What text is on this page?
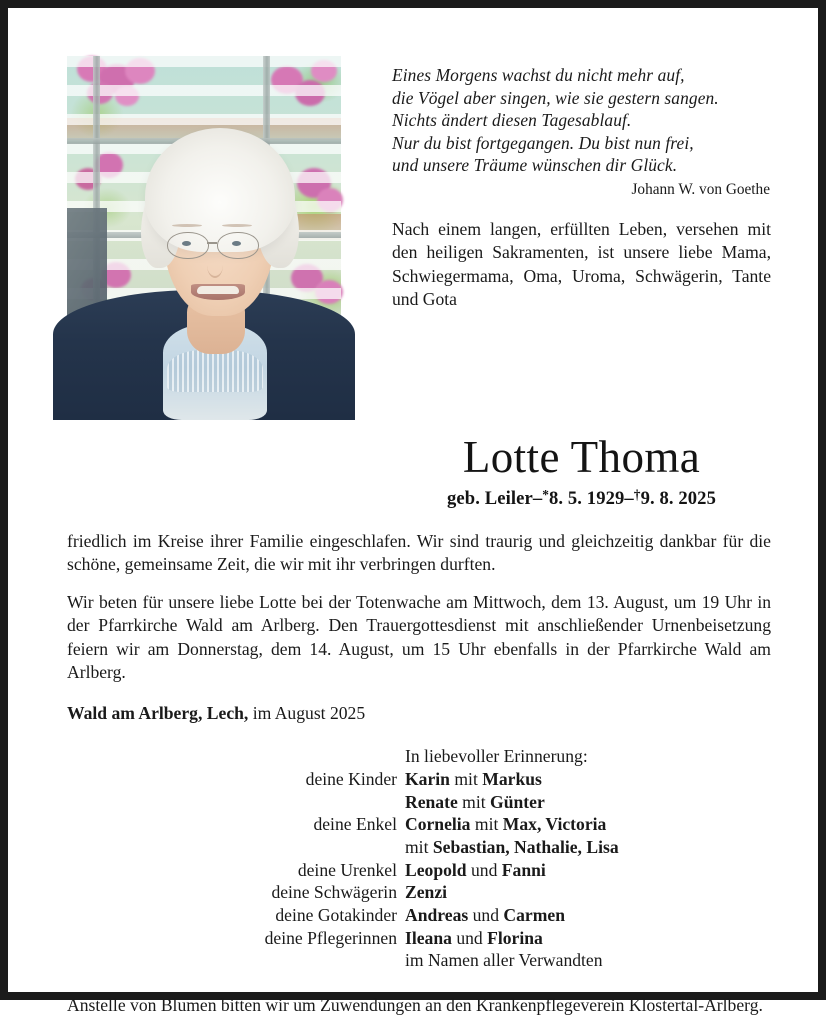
Eines Morgens wachst du nicht mehr auf,
die Vögel aber singen, wie sie gestern sangen.
Nichts ändert diesen Tagesablauf.
Nur du bist fortgegangen. Du bist nun frei,
und unsere Träume wünschen dir Glück.
Johann W. von Goethe
Nach einem langen, erfüllten Leben, versehen mit den heiligen Sakramenten, ist unsere liebe Mama, Schwiegermama, Oma, Uroma, Schwägerin, Tante und Gota
Lotte Thoma
geb. Leiler–*8. 5. 1929–†9. 8. 2025

friedlich im Kreise ihrer Familie eingeschlafen. Wir sind traurig und gleichzeitig dankbar für die schöne, gemeinsame Zeit, die wir mit ihr verbringen durften.

Wir beten für unsere liebe Lotte bei der Totenwache am Mittwoch, dem 13. August, um 19 Uhr in der Pfarrkirche Wald am Arlberg. Den Trauergottesdienst mit anschließender Urnenbeisetzung feiern wir am Donnerstag, dem 14. August, um 15 Uhr ebenfalls in der Pfarrkirche Wald am Arlberg.

Wald am Arlberg, Lech, im August 2025
In liebevoller Erinnerung:
deine Kinder Karin mit Markus
Renate mit Günter
deine Enkel Cornelia mit Max, Victoria
mit Sebastian, Nathalie, Lisa
deine Urenkel Leopold und Fanni
deine Schwägerin Zenzi
deine Gotakinder Andreas und Carmen
deine Pflegerinnen Ileana und Florina
im Namen aller Verwandten
Anstelle von Blumen bitten wir um Zuwendungen an den Krankenpflegeverein Klostertal-Arlberg.
